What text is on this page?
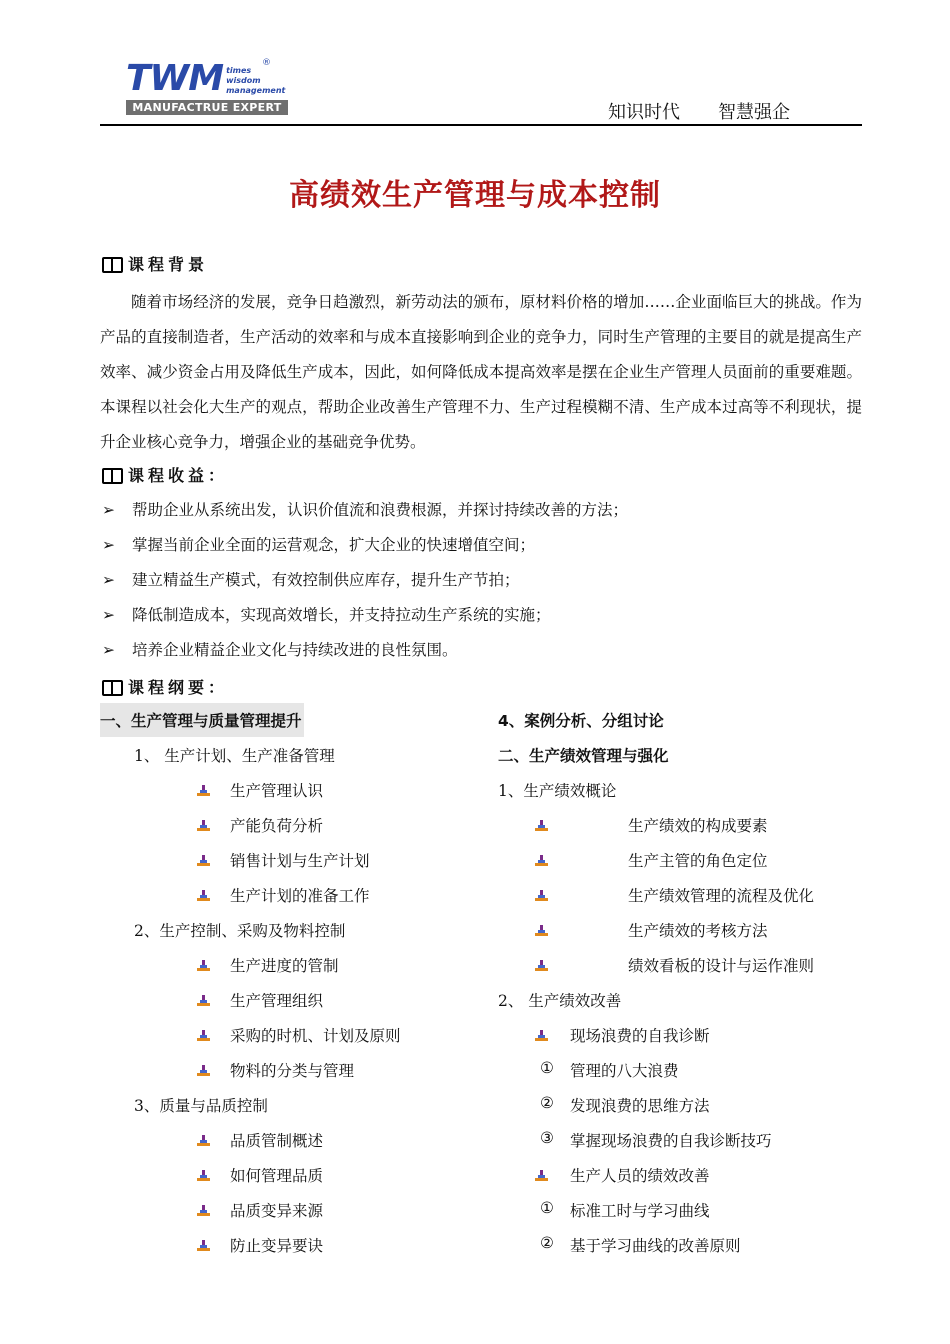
TWM times
wisdom
management
®
MANUFACTRUE EXPERT	知识时代 智慧强企
高绩效生产管理与成本控制
课程背景
随着市场经济的发展，竞争日趋激烈，新劳动法的颁布，原材料价格的增加……企业面临巨大的挑战。作为产品的直接制造者，生产活动的效率和与成本直接影响到企业的竞争力，同时生产管理的主要目的就是提高生产效率、减少资金占用及降低生产成本，因此，如何降低成本提高效率是摆在企业生产管理人员面前的重要难题。本课程以社会化大生产的观点，帮助企业改善生产管理不力、生产过程模糊不清、生产成本过高等不利现状，提升企业核心竞争力，增强企业的基础竞争优势。
课程收益：
➢ 帮助企业从系统出发，认识价值流和浪费根源，并探讨持续改善的方法；
➢ 掌握当前企业全面的运营观念，扩大企业的快速增值空间；
➢ 建立精益生产模式，有效控制供应库存，提升生产节拍；
➢ 降低制造成本，实现高效增长，并支持拉动生产系统的实施；
➢ 培养企业精益企业文化与持续改进的良性氛围。
课程纲要：
一、生产管理与质量管理提升
1、 生产计划、生产准备管理
生产管理认识
产能负荷分析
销售计划与生产计划
生产计划的准备工作
2、生产控制、采购及物料控制
生产进度的管制
生产管理组织
采购的时机、计划及原则
物料的分类与管理
3、质量与品质控制
品质管制概述
如何管理品质
品质变异来源
防止变异要诀
4、案例分析、分组讨论
二、生产绩效管理与强化
1、生产绩效概论
生产绩效的构成要素
生产主管的角色定位
生产绩效管理的流程及优化
生产绩效的考核方法
绩效看板的设计与运作准则
2、 生产绩效改善
现场浪费的自我诊断
① 管理的八大浪费
② 发现浪费的思维方法
③ 掌握现场浪费的自我诊断技巧
生产人员的绩效改善
① 标准工时与学习曲线
② 基于学习曲线的改善原则
